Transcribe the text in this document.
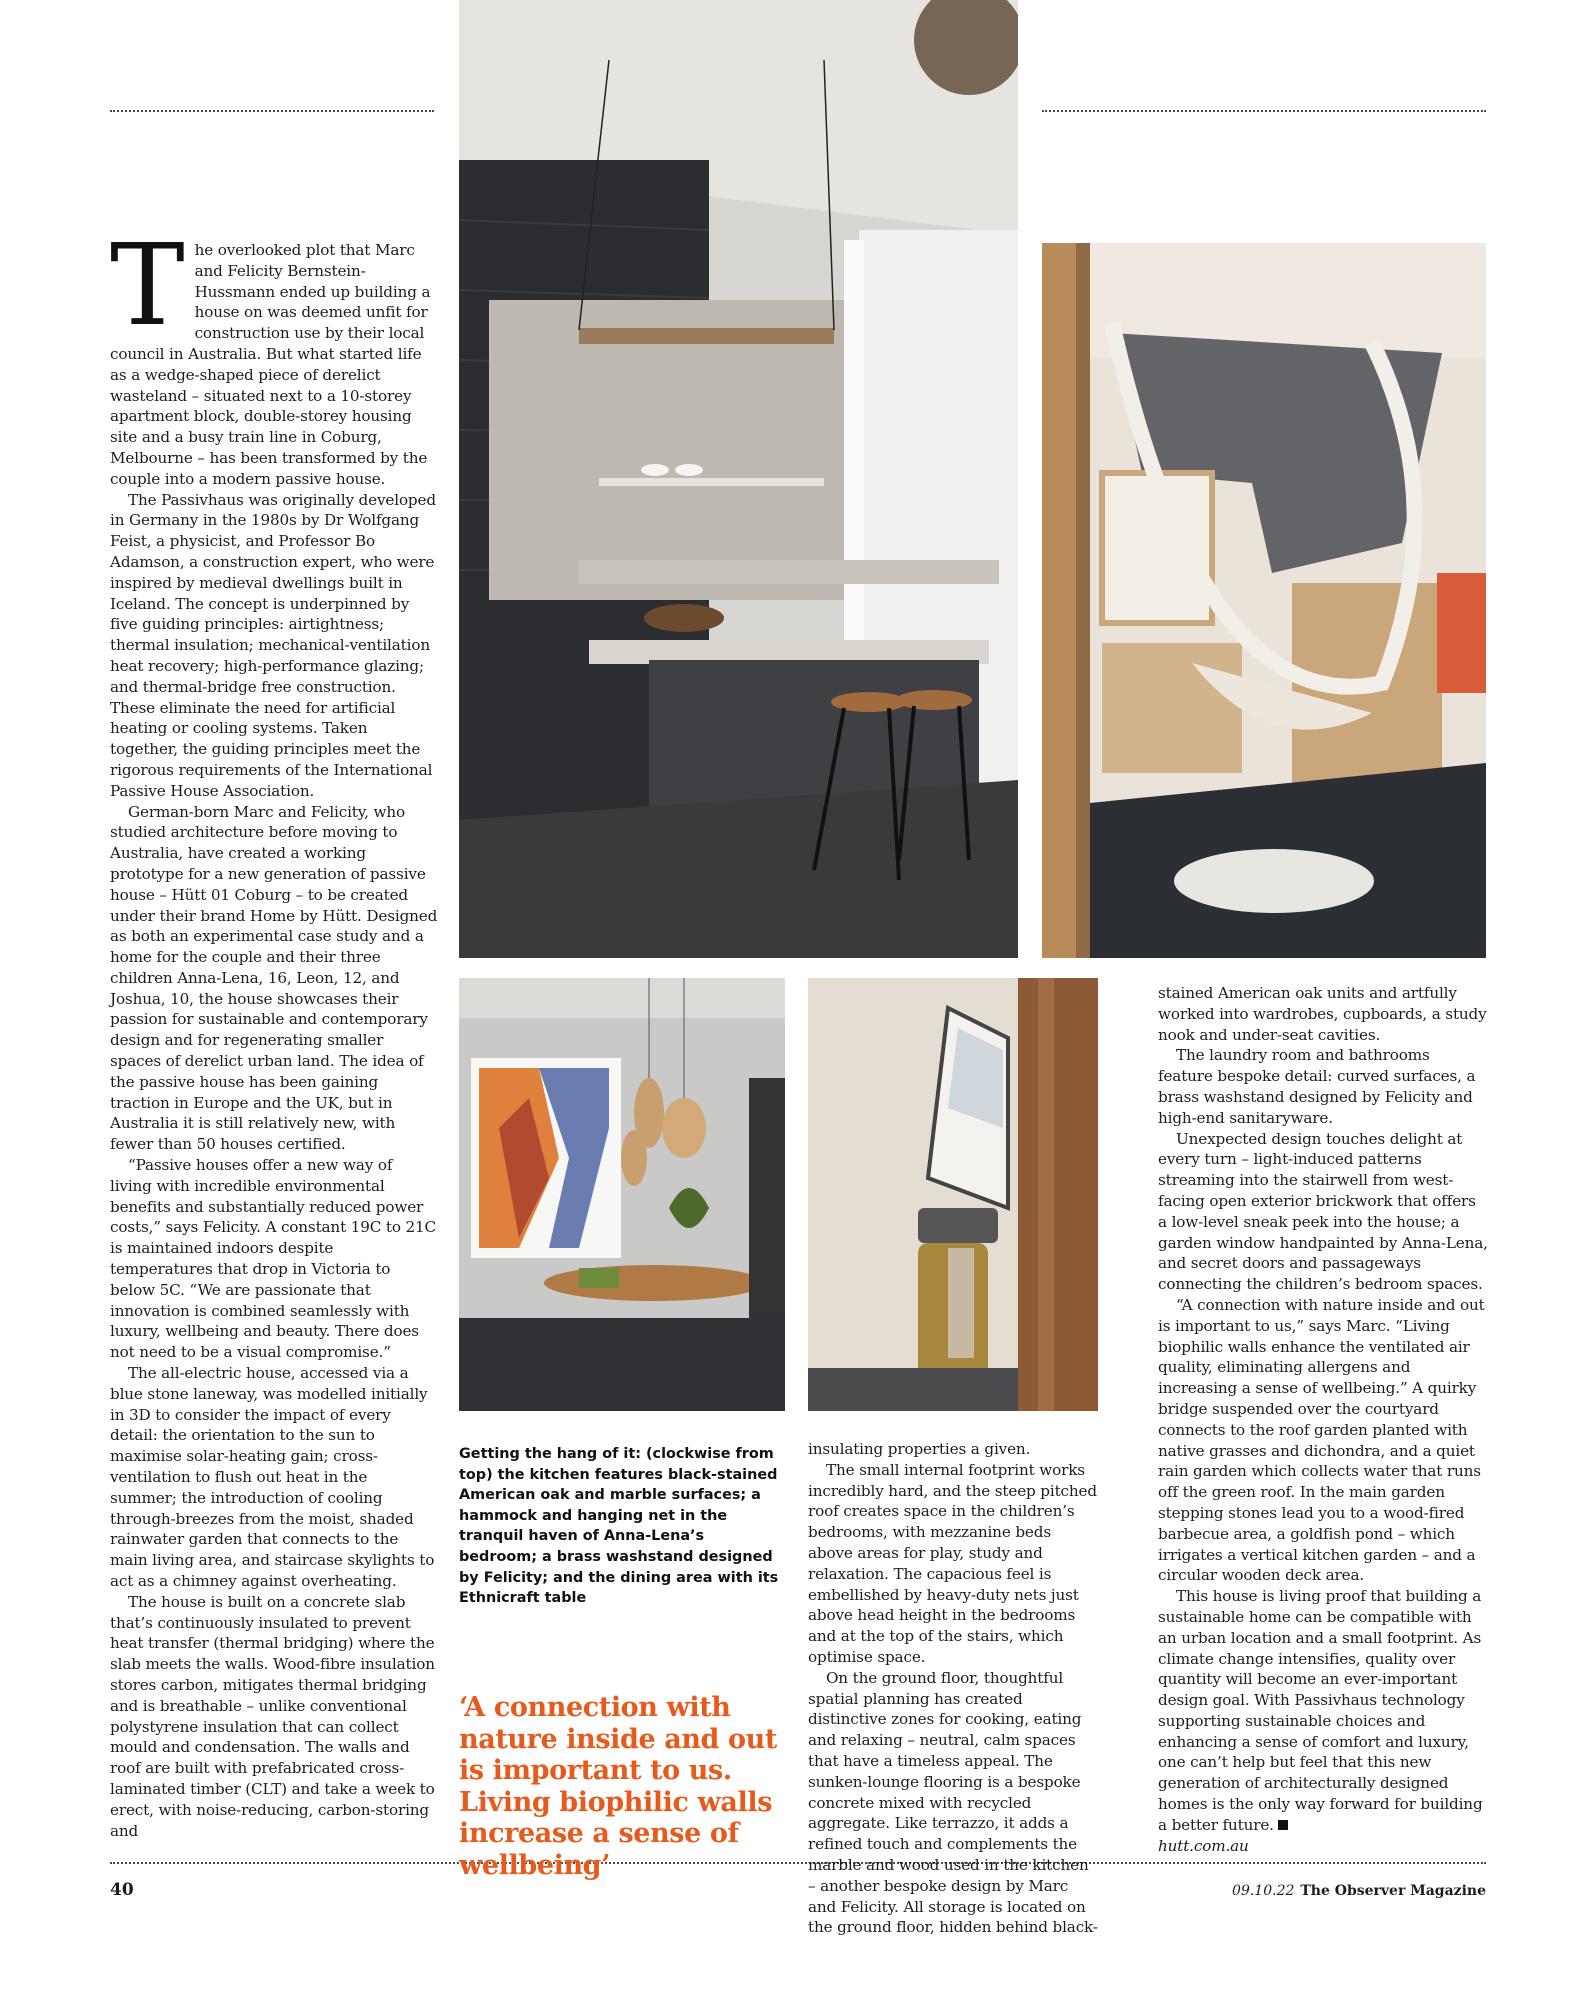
The overlooked plot that Marc and Felicity Bernstein-Hussmann ended up building a house on was deemed unfit for construction use by their local council in Australia. But what started life as a wedge-shaped piece of derelict wasteland – situated next to a 10-storey apartment block, double-storey housing site and a busy train line in Coburg, Melbourne – has been transformed by the couple into a modern passive house.

The Passivhaus was originally developed in Germany in the 1980s by Dr Wolfgang Feist, a physicist, and Professor Bo Adamson, a construction expert, who were inspired by medieval dwellings built in Iceland. The concept is underpinned by five guiding principles: airtightness; thermal insulation; mechanical-ventilation heat recovery; high-performance glazing; and thermal-bridge free construction. These eliminate the need for artificial heating or cooling systems. Taken together, the guiding principles meet the rigorous requirements of the International Passive House Association.

German-born Marc and Felicity, who studied architecture before moving to Australia, have created a working prototype for a new generation of passive house – Hütt 01 Coburg – to be created under their brand Home by Hütt. Designed as both an experimental case study and a home for the couple and their three children Anna-Lena, 16, Leon, 12, and Joshua, 10, the house showcases their passion for sustainable and contemporary design and for regenerating smaller spaces of derelict urban land. The idea of the passive house has been gaining traction in Europe and the UK, but in Australia it is still relatively new, with fewer than 50 houses certified.

“Passive houses offer a new way of living with incredible environmental benefits and substantially reduced power costs,” says Felicity. A constant 19C to 21C is maintained indoors despite temperatures that drop in Victoria to below 5C. “We are passionate that innovation is combined seamlessly with luxury, wellbeing and beauty. There does not need to be a visual compromise.”

The all-electric house, accessed via a blue stone laneway, was modelled initially in 3D to consider the impact of every detail: the orientation to the sun to maximise solar-heating gain; cross-ventilation to flush out heat in the summer; the introduction of cooling through-breezes from the moist, shaded rainwater garden that connects to the main living area, and staircase skylights to act as a chimney against overheating.

The house is built on a concrete slab that’s continuously insulated to prevent heat transfer (thermal bridging) where the slab meets the walls. Wood-fibre insulation stores carbon, mitigates thermal bridging and is breathable – unlike conventional polystyrene insulation that can collect mould and condensation. The walls and roof are built with prefabricated cross-laminated timber (CLT) and take a week to erect, with noise-reducing, carbon-storing and

Getting the hang of it: (clockwise from top) the kitchen features black-stained American oak and marble surfaces; a hammock and hanging net in the tranquil haven of Anna-Lena’s bedroom; a brass washstand designed by Felicity; and the dining area with its Ethnicraft table

‘A connection with nature inside and out is important to us. Living biophilic walls increase a sense of wellbeing’

insulating properties a given.

The small internal footprint works incredibly hard, and the steep pitched roof creates space in the children’s bedrooms, with mezzanine beds above areas for play, study and relaxation. The capacious feel is embellished by heavy-duty nets just above head height in the bedrooms and at the top of the stairs, which optimise space.

On the ground floor, thoughtful spatial planning has created distinctive zones for cooking, eating and relaxing – neutral, calm spaces that have a timeless appeal. The sunken-lounge flooring is a bespoke concrete mixed with recycled aggregate. Like terrazzo, it adds a refined touch and complements the marble and wood used in the kitchen – another bespoke design by Marc and Felicity. All storage is located on the ground floor, hidden behind black-

stained American oak units and artfully worked into wardrobes, cupboards, a study nook and under-seat cavities.

The laundry room and bathrooms feature bespoke detail: curved surfaces, a brass washstand designed by Felicity and high-end sanitaryware.

Unexpected design touches delight at every turn – light-induced patterns streaming into the stairwell from west-facing open exterior brickwork that offers a low-level sneak peek into the house; a garden window handpainted by Anna-Lena, and secret doors and passageways connecting the children’s bedroom spaces.

“A connection with nature inside and out is important to us,” says Marc. “Living biophilic walls enhance the ventilated air quality, eliminating allergens and increasing a sense of wellbeing.” A quirky bridge suspended over the courtyard connects to the roof garden planted with native grasses and dichondra, and a quiet rain garden which collects water that runs off the green roof. In the main garden stepping stones lead you to a wood-fired barbecue area, a goldfish pond – which irrigates a vertical kitchen garden – and a circular wooden deck area.

This house is living proof that building a sustainable home can be compatible with an urban location and a small footprint. As climate change intensifies, quality over quantity will become an ever-important design goal. With Passivhaus technology supporting sustainable choices and enhancing a sense of comfort and luxury, one can’t help but feel that this new generation of architecturally designed homes is the only way forward for building a better future.

hutt.com.au

40	09.10.22 The Observer Magazine
